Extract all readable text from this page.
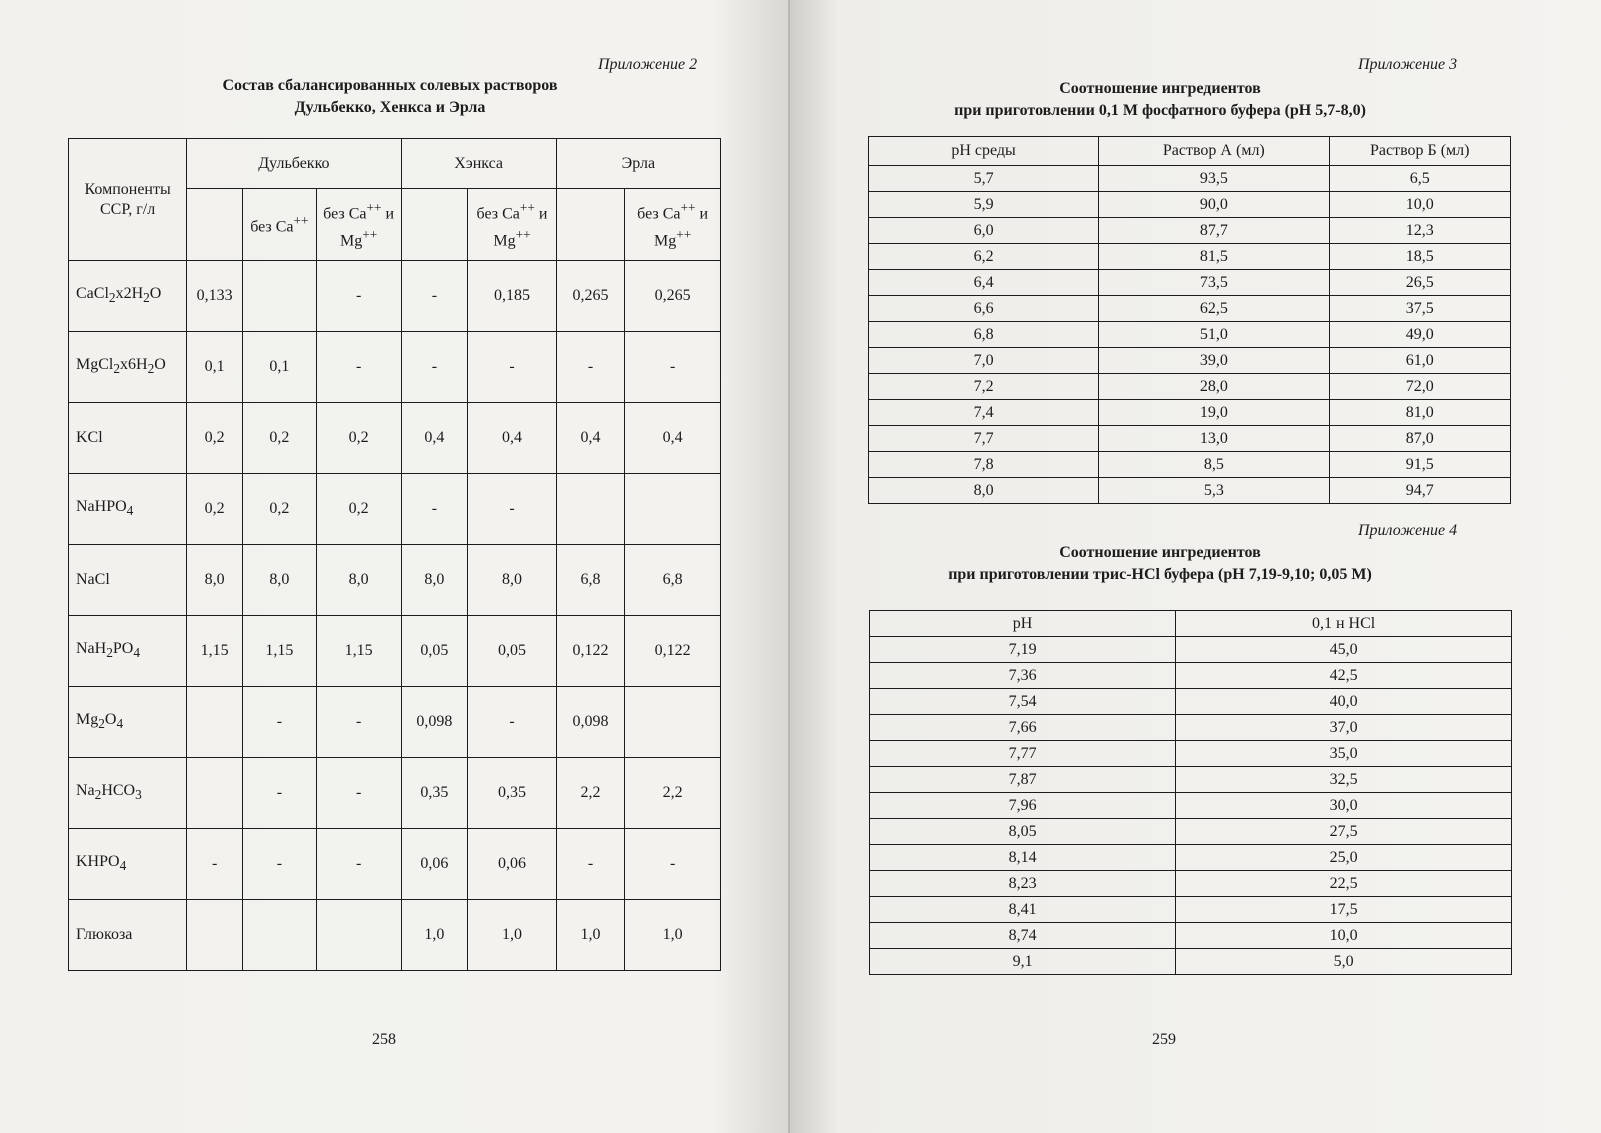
Приложение 2
Состав сбалансированных солевых растворов
Дульбекко, Хенкса и Эрла
Компоненты ССР, г/л	Дульбекко			Хэнкса		Эрла	
		без Ca++	без Ca++ и Mg++		без Ca++ и Mg++		без Ca++ и Mg++
$CaCl_2x2H_2O$	0,133		-	-	0,185	0,265	0,265
$MgCl_2x6H_2O$	0,1	0,1	-	-	-	-	-
KCl	0,2	0,2	0,2	0,4	0,4	0,4	0,4
NaHPO$_4$	0,2	0,2	0,2	-	-		
NaCl	8,0	8,0	8,0	8,0	8,0	6,8	6,8
$NaH_2PO_4$	1,15	1,15	1,15	0,05	0,05	0,122	0,122
$Mg_2O_4$		-	-	0,098	-	0,098	
$Na_2HCO_3$		-	-	0,35	0,35	2,2	2,2
$KHPO_4$	-	-	-	0,06	0,06	-	-
Глюкоза				1,0	1,0	1,0	1,0
258
Приложение 3
Соотношение ингредиентов
при приготовлении 0,1 М фосфатного буфера (pH 5,7-8,0)
Приложение 4
Соотношение ингредиентов
при приготовлении трис-HCl буфера (pH 7,19-9,10; 0,05 М)
259
pH среды	Раствор А (мл)	Раствор Б (мл)
5,7	93,5	6,5
5,9	90,0	10,0
6,0	87,7	12,3
6,2	81,5	18,5
6,4	73,5	26,5
6,6	62,5	37,5
6,8	51,0	49,0
7,0	39,0	61,0
7,2	28,0	72,0
7,4	19,0	81,0
7,7	13,0	87,0
7,8	8,5	91,5
8,0	5,3	94,7
pH	0,1 н HCl
7,19	45,0
7,36	42,5
7,54	40,0
7,66	37,0
7,77	35,0
7,87	32,5
7,96	30,0
8,05	27,5
8,14	25,0
8,23	22,5
8,41	17,5
8,74	10,0
9,1	5,0
